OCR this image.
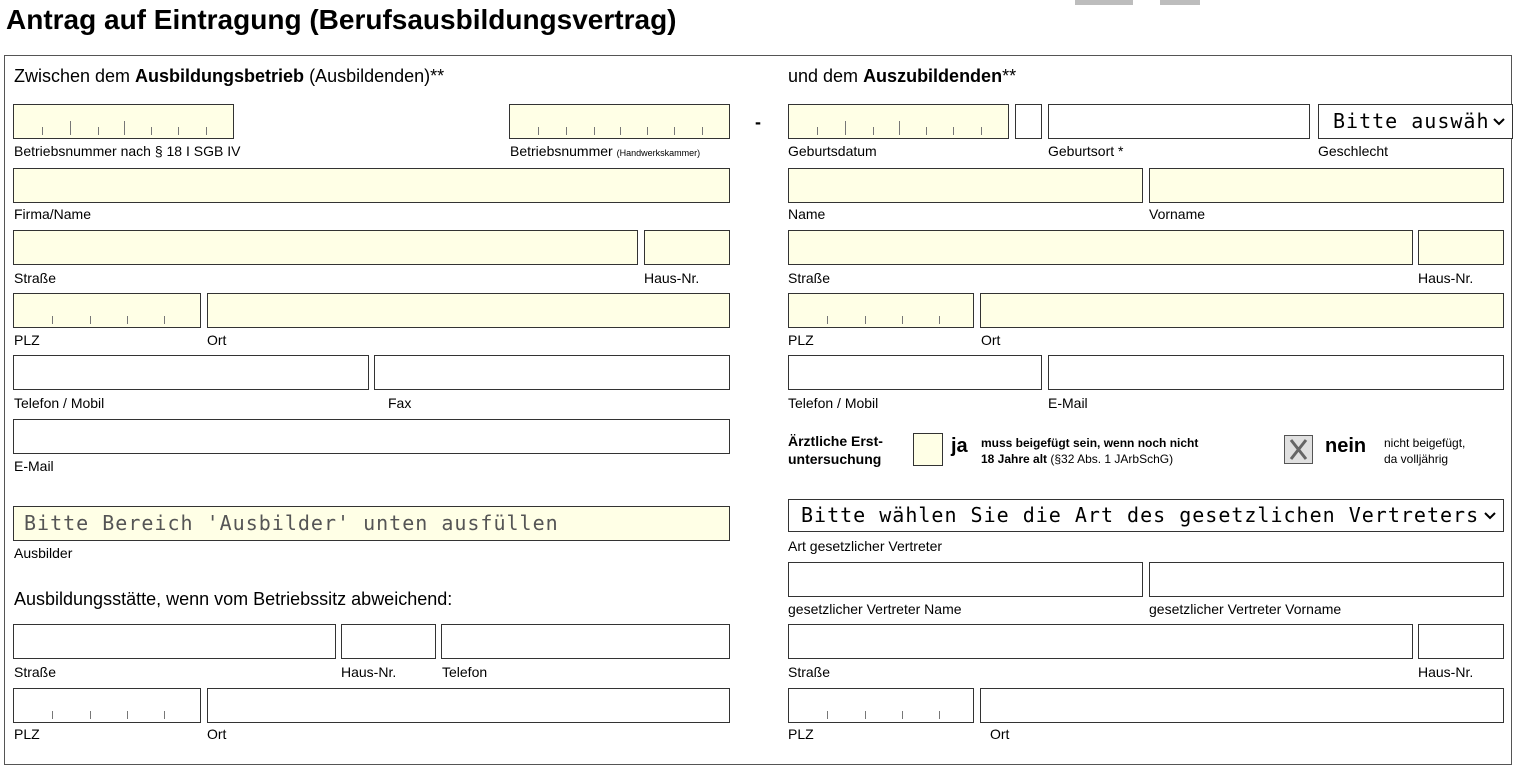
Antrag auf Eintragung (Berufsausbildungsvertrag)
Zwischen dem Ausbildungsbetrieb (Ausbildenden)**
Betriebsnummer nach § 18 I SGB IV	Betriebsnummer (Handwerkskammer)
-
Firma/Name
Straße	Haus-Nr.
PLZ	Ort
Telefon / Mobil	Fax
E-Mail
Bitte Bereich 'Ausbilder' unten ausfüllen
Ausbilder
Ausbildungsstätte, wenn vom Betriebssitz abweichend:
Straße	Haus-Nr.	Telefon
PLZ	Ort
und dem Auszubildenden**
Bitte auswähl
Geburtsdatum	Geburtsort *	Geschlecht
Name	Vorname
Straße	Haus-Nr.
PLZ	Ort
Telefon / Mobil	E-Mail
Ärztliche Erst-
untersuchung
ja muss beigefügt sein, wenn noch nicht
18 Jahre alt (§32 Abs. 1 JArbSchG)
nein nicht beigefügt,
da volljährig
Bitte wählen Sie die Art des gesetzlichen Vertreters
Art gesetzlicher Vertreter
gesetzlicher Vertreter Name	gesetzlicher Vertreter Vorname
Straße	Haus-Nr.
PLZ	Ort
